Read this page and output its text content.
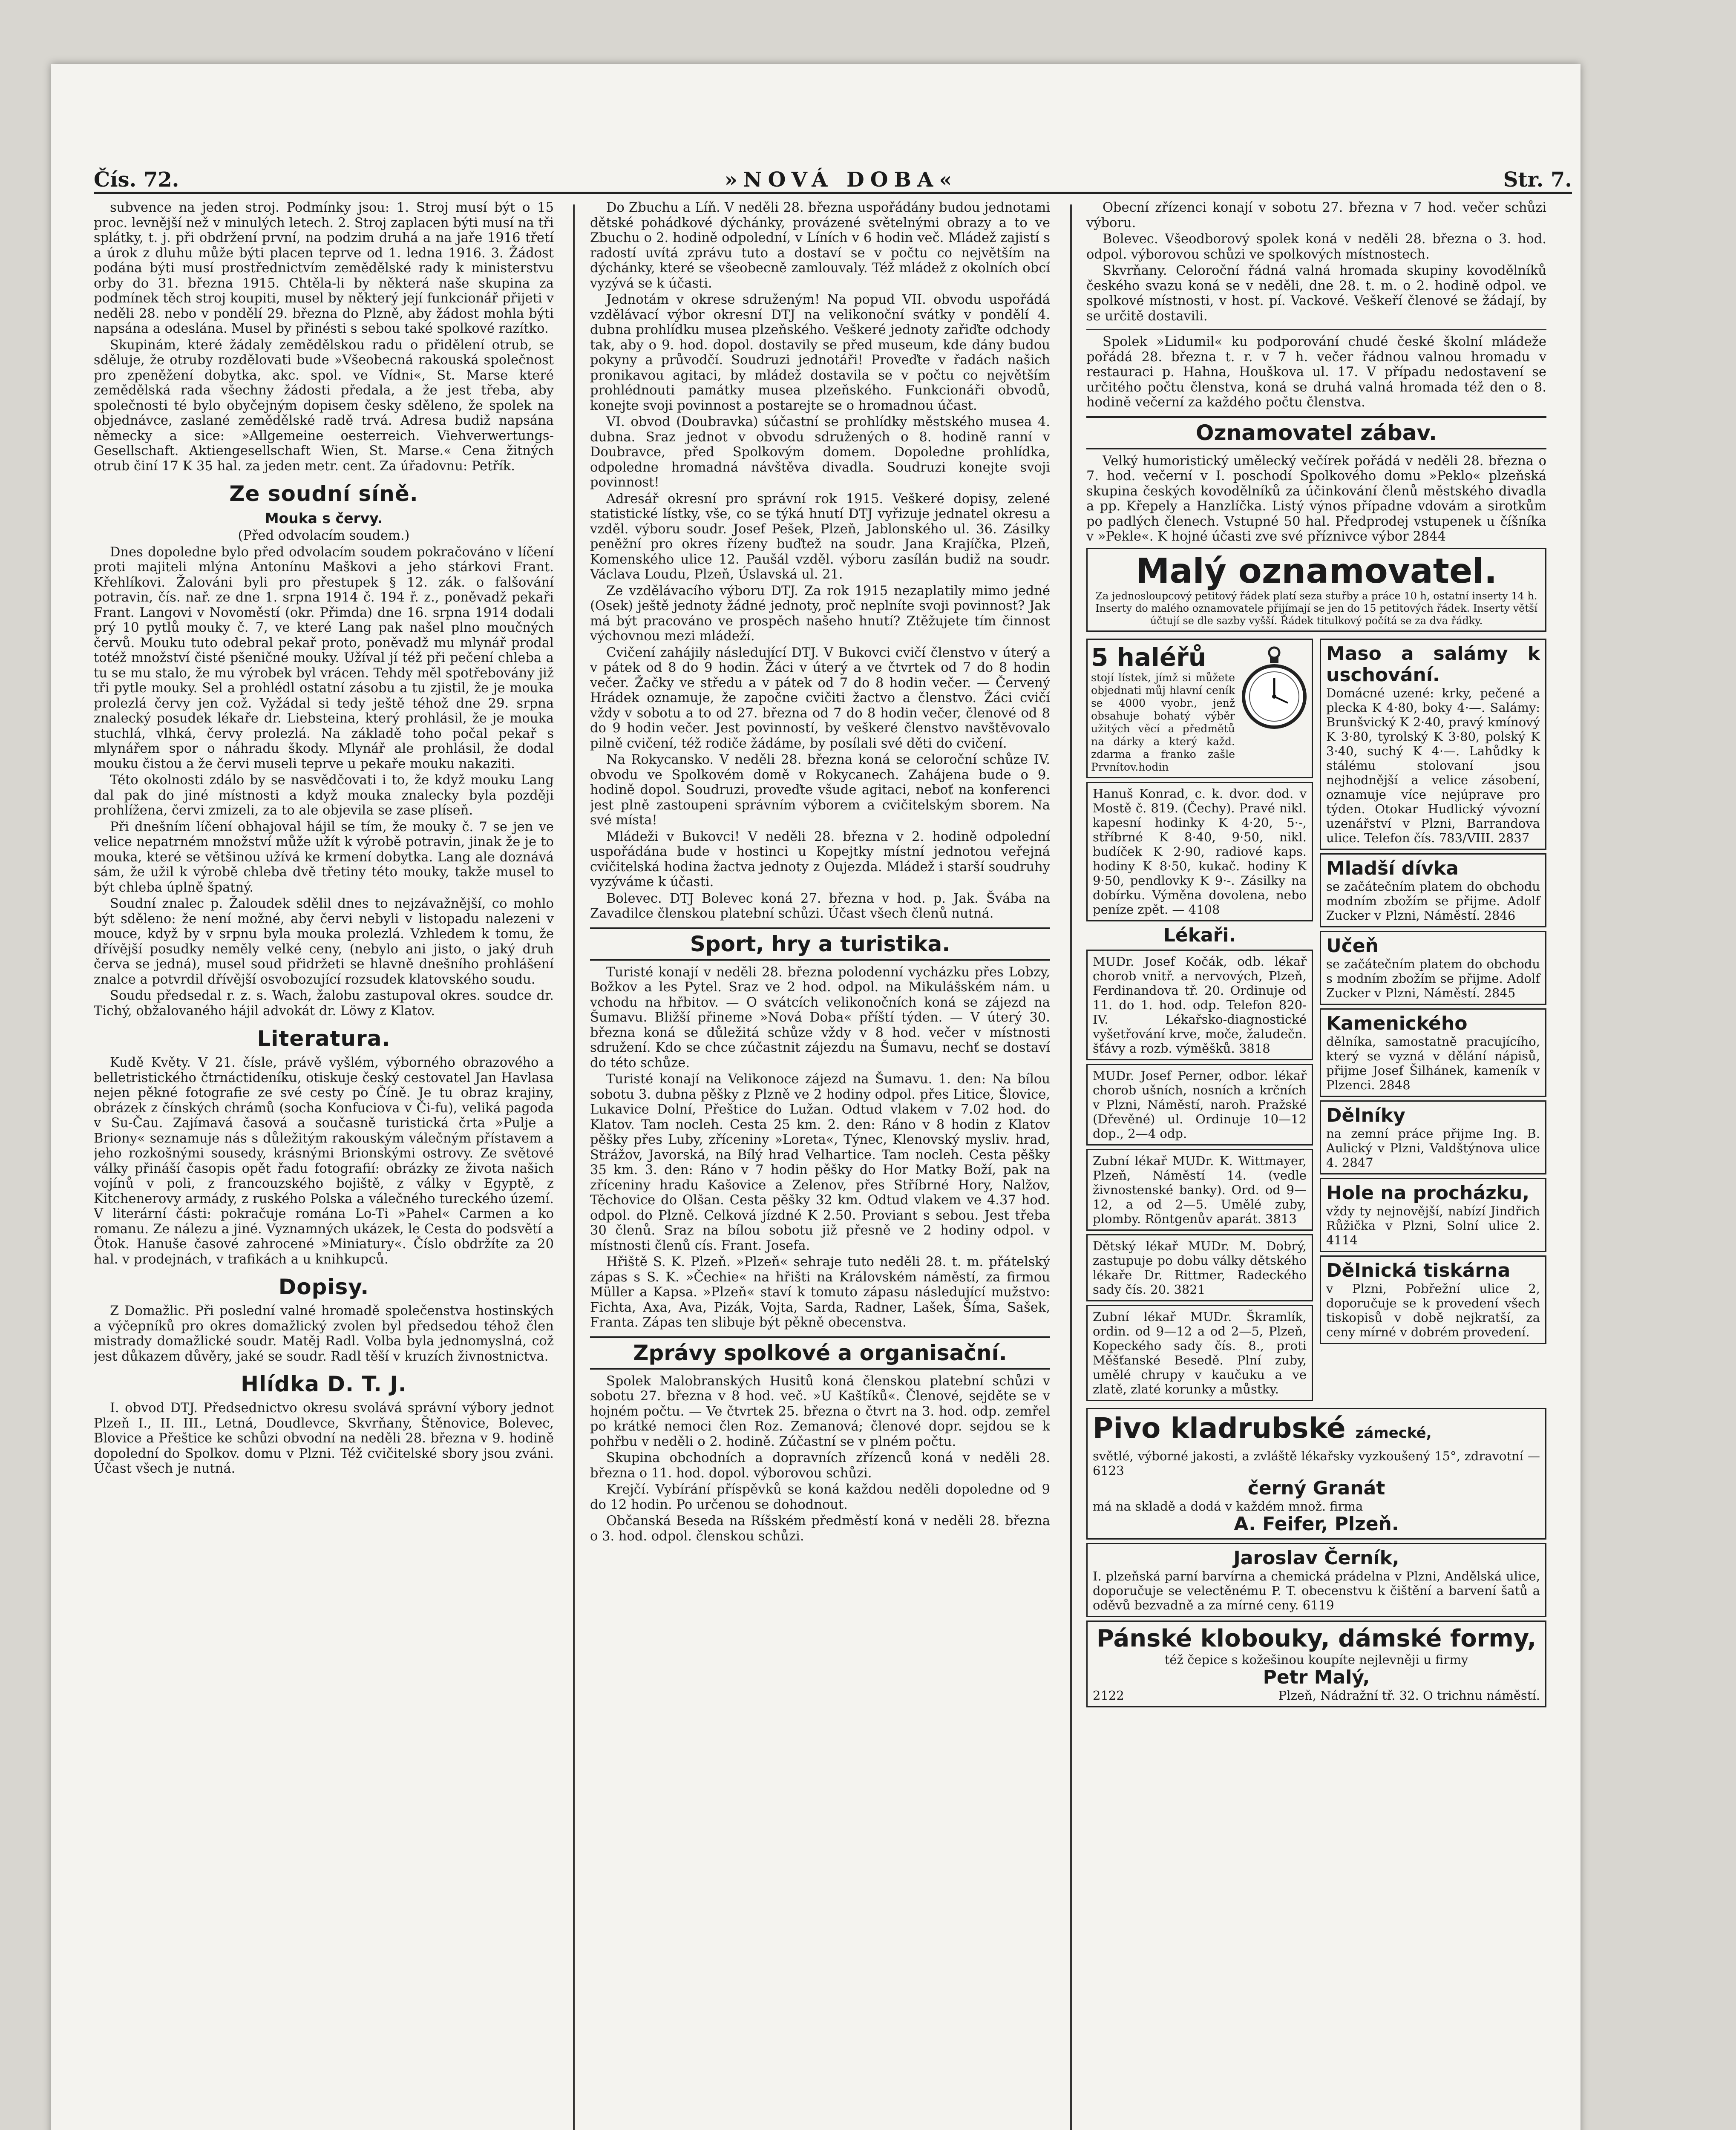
Čís. 72.	»NOVÁ DOBA«	Str. 7.

subvence na jeden stroj. Podmínky jsou: 1. Stroj musí být o 15 proc. levnější než v minulých letech. 2. Stroj zaplacen býti musí na tři splátky, t. j. při obdržení první, na podzim druhá a na jaře 1916 třetí a úrok z dluhu může býti placen teprve od 1. ledna 1916. 3. Žádost podána býti musí prostřednictvím zemědělské rady k ministerstvu orby do 31. března 1915. Chtěla-li by některá naše skupina za podmínek těch stroj koupiti, musel by některý její funkcionář přijeti v neděli 28. nebo v pondělí 29. března do Plzně, aby žádost mohla býti napsána a odeslána. Musel by přinésti s sebou také spolkové razítko.

Skupinám, které žádaly zemědělskou radu o přidělení otrub, se sděluje, že otruby rozdělovati bude »Všeobecná rakouská společnost pro zpeněžení dobytka, akc. spol. ve Vídni«, St. Marse které zemědělská rada všechny žádosti předala, a že jest třeba, aby společnosti té bylo obyčejným dopisem česky sděleno, že spolek na objednávce, zaslané zemědělské radě trvá. Adresa budiž napsána německy a sice: »Allgemeine oesterreich. Viehverwertungs-Gesellschaft. Aktiengesellschaft Wien, St. Marse.« Cena žitných otrub činí 17 K 35 hal. za jeden metr. cent. Za úřadovnu: Petřík.

Ze soudní síně.
Mouka s červy.

(Před odvolacím soudem.)

Dnes dopoledne bylo před odvolacím soudem pokračováno v líčení proti majiteli mlýna Antonínu Maškovi a jeho stárkovi Frant. Křehlíkovi. Žalováni byli pro přestupek § 12. zák. o falšování potravin, čís. nař. ze dne 1. srpna 1914 č. 194 ř. z., poněvadž pekaři Frant. Langovi v Novoměstí (okr. Přimda) dne 16. srpna 1914 dodali prý 10 pytlů mouky č. 7, ve které Lang pak našel plno moučných červů. Mouku tuto odebral pekař proto, poněvadž mu mlynář prodal totéž množství čisté pšeničné mouky. Užíval jí též při pečení chleba a tu se mu stalo, že mu výrobek byl vrácen. Tehdy měl spotřebovány již tři pytle mouky. Sel a prohlédl ostatní zásobu a tu zjistil, že je mouka prolezlá červy jen což. Vyžádal si tedy ještě téhož dne 29. srpna znalecký posudek lékaře dr. Liebsteina, který prohlásil, že je mouka stuchlá, vlhká, červy prolezlá. Na základě toho počal pekař s mlynářem spor o náhradu škody. Mlynář ale prohlásil, že dodal mouku čistou a že červi museli teprve u pekaře mouku nakaziti.

Této okolnosti zdálo by se nasvědčovati i to, že když mouku Lang dal pak do jiné místnosti a když mouka znalecky byla později prohlížena, červi zmizeli, za to ale objevila se zase plíseň.

Při dnešním líčení obhajoval hájil se tím, že mouky č. 7 se jen ve velice nepatrném množství může užít k výrobě potravin, jinak že je to mouka, které se většinou užívá ke krmení dobytka. Lang ale doznává sám, že užil k výrobě chleba dvě třetiny této mouky, takže musel to být chleba úplně špatný.

Soudní znalec p. Žaloudek sdělil dnes to nejzávažnější, co mohlo být sděleno: že není možné, aby červi nebyli v listopadu nalezeni v mouce, když by v srpnu byla mouka prolezlá. Vzhledem k tomu, že dřívější posudky neměly velké ceny, (nebylo ani jisto, o jaký druh červa se jedná), musel soud přidržeti se hlavně dnešního prohlášení znalce a potvrdil dřívější osvobozující rozsudek klatovského soudu.

Soudu předsedal r. z. s. Wach, žalobu zastupoval okres. soudce dr. Tichý, obžalovaného hájil advokát dr. Löwy z Klatov.

Literatura.

Kudě Květy. V 21. čísle, právě vyšlém, výborného obrazového a belletristického čtrnáctideníku, otiskuje český cestovatel Jan Havlasa nejen pěkné fotografie ze své cesty po Číně. Je tu obraz krajiny, obrázek z čínských chrámů (socha Konfuciova v Či-fu), veliká pagoda v Su-Čau. Zajímavá časová a současně turistická črta »Pulje a Briony« seznamuje nás s důležitým rakouským válečným přístavem a jeho rozkošnými sousedy, krásnými Brionskými ostrovy. Ze světové války přináší časopis opět řadu fotografií: obrázky ze života našich vojínů v poli, z francouzského bojiště, z války v Egyptě, z Kitchenerovy armády, z ruského Polska a válečného tureckého území. V literární části: pokračuje romána Lo-Ti »Pahel« Carmen a ko romanu. Ze nálezu a jiné. Vyznamných ukázek, le Cesta do podsvětí a Ötok. Hanuše časové zahrocené »Miniatury«. Číslo obdržíte za 20 hal. v prodejnách, v trafikách a u knihkupců.

Dopisy.

Z Domažlic. Při poslední valné hromadě společenstva hostinských a výčepníků pro okres domažlický zvolen byl předsedou téhož člen mistrady domažlické soudr. Matěj Radl. Volba byla jednomyslná, což jest důkazem důvěry, jaké se soudr. Radl těší v kruzích živnostnictva.

Hlídka D. T. J.

I. obvod DTJ. Předsednictvo okresu svolává správní výbory jednot Plzeň I., II. III., Letná, Doudlevce, Skvrňany, Štěnovice, Bolevec, Blovice a Přeštice ke schůzi obvodní na neděli 28. března v 9. hodině dopolední do Spolkov. domu v Plzni. Též cvičitelské sbory jsou zváni. Účast všech je nutná.

Do Zbuchu a Líň. V neděli 28. března uspořádány budou jednotami dětské pohádkové dýchánky, provázené světelnými obrazy a to ve Zbuchu o 2. hodině odpolední, v Líních v 6 hodin več. Mládež zajistí s radostí uvítá zprávu tuto a dostaví se v počtu co největším na dýchánky, které se všeobecně zamlouvaly. Též mládež z okolních obcí vyzývá se k účasti.

Jednotám v okrese sdruženým! Na popud VII. obvodu uspořádá vzdělávací výbor okresní DTJ na velikonoční svátky v pondělí 4. dubna prohlídku musea plzeňského. Veškeré jednoty zařiďte odchody tak, aby o 9. hod. dopol. dostavily se před museum, kde dány budou pokyny a průvodčí. Soudruzi jednotáři! Proveďte v řadách našich pronikavou agitaci, by mládež dostavila se v počtu co největším prohlédnouti památky musea plzeňského. Funkcionáři obvodů, konejte svoji povinnost a postarejte se o hromadnou účast.

VI. obvod (Doubravka) súčastní se prohlídky městského musea 4. dubna. Sraz jednot v obvodu sdružených o 8. hodině ranní v Doubravce, před Spolkovým domem. Dopoledne prohlídka, odpoledne hromadná návštěva divadla. Soudruzi konejte svoji povinnost!

Adresář okresní pro správní rok 1915. Veškeré dopisy, zelené statistické lístky, vše, co se týká hnutí DTJ vyřizuje jednatel okresu a vzděl. výboru soudr. Josef Pešek, Plzeň, Jablonského ul. 36. Zásilky peněžní pro okres řízeny buďtež na soudr. Jana Krajíčka, Plzeň, Komenského ulice 12. Paušál vzděl. výboru zasílán budiž na soudr. Václava Loudu, Plzeň, Úslavská ul. 21.

Ze vzdělávacího výboru DTJ. Za rok 1915 nezaplatily mimo jedné (Osek) ještě jednoty žádné jednoty, proč neplníte svoji povinnost? Jak má být pracováno ve prospěch našeho hnutí? Ztěžujete tím činnost výchovnou mezi mládeží.

Cvičení zahájily následující DTJ. V Bukovci cvičí členstvo v úterý a v pátek od 8 do 9 hodin. Žáci v úterý a ve čtvrtek od 7 do 8 hodin večer. Žačky ve středu a v pátek od 7 do 8 hodin večer. — Červený Hrádek oznamuje, že započne cvičiti žactvo a členstvo. Žáci cvičí vždy v sobotu a to od 27. března od 7 do 8 hodin večer, členové od 8 do 9 hodin večer. Jest povinností, by veškeré členstvo navštěvovalo pilně cvičení, též rodiče žádáme, by posílali své děti do cvičení.

Na Rokycansko. V neděli 28. března koná se celoroční schůze IV. obvodu ve Spolkovém domě v Rokycanech. Zahájena bude o 9. hodině dopol. Soudruzi, proveďte všude agitaci, neboť na konferenci jest plně zastoupeni správním výborem a cvičitelským sborem. Na své místa!

Mládeži v Bukovci! V neděli 28. března v 2. hodině odpolední uspořádána bude v hostinci u Kopejtky místní jednotou veřejná cvičitelská hodina žactva jednoty z Oujezda. Mládež i starší soudruhy vyzýváme k účasti.

Bolevec. DTJ Bolevec koná 27. března v hod. p. Jak. Švába na Zavadilce členskou platební schůzi. Účast všech členů nutná.

Sport, hry a turistika.

Turisté konají v neděli 28. března polodenní vycházku přes Lobzy, Božkov a les Pytel. Sraz ve 2 hod. odpol. na Mikulášském nám. u vchodu na hřbitov. — O svátcích velikonočních koná se zájezd na Šumavu. Bližší přineme »Nová Doba« příští týden. — V úterý 30. března koná se důležitá schůze vždy v 8 hod. večer v místnosti sdružení. Kdo se chce zúčastnit zájezdu na Šumavu, nechť se dostaví do této schůze.

Turisté konají na Velikonoce zájezd na Šumavu. 1. den: Na bílou sobotu 3. dubna pěšky z Plzně ve 2 hodiny odpol. přes Litice, Šlovice, Lukavice Dolní, Přeštice do Lužan. Odtud vlakem v 7.02 hod. do Klatov. Tam nocleh. Cesta 25 km. 2. den: Ráno v 8 hodin z Klatov pěšky přes Luby, zříceniny »Loreta«, Týnec, Klenovský mysliv. hrad, Strážov, Javorská, na Bílý hrad Velhartice. Tam nocleh. Cesta pěšky 35 km. 3. den: Ráno v 7 hodin pěšky do Hor Matky Boží, pak na zříceniny hradu Kašovice a Zelenov, přes Stříbrné Hory, Nalžov, Těchovice do Olšan. Cesta pěšky 32 km. Odtud vlakem ve 4.37 hod. odpol. do Plzně. Celková jízdné K 2.50. Proviant s sebou. Jest třeba 30 členů. Sraz na bílou sobotu již přesně ve 2 hodiny odpol. v místnosti členů cís. Frant. Josefa.

Hřiště S. K. Plzeň. »Plzeň« sehraje tuto neděli 28. t. m. přátelský zápas s S. K. »Čechie« na hřišti na Královském náměstí, za firmou Müller a Kapsa. »Plzeň« staví k tomuto zápasu následující mužstvo: Fichta, Axa, Ava, Pizák, Vojta, Sarda, Radner, Lašek, Šíma, Sašek, Franta. Zápas ten slibuje být pěkně obecenstva.

Zprávy spolkové a organisační.

Spolek Malobranských Husitů koná členskou platební schůzi v sobotu 27. března v 8 hod. več. »U Kaštíků«. Členové, sejděte se v hojném počtu. — Ve čtvrtek 25. března o čtvrt na 3. hod. odp. zemřel po krátké nemoci člen Roz. Zemanová; členové dopr. sejdou se k pohřbu v neděli o 2. hodině. Zúčastní se v plném počtu.

Skupina obchodních a dopravních zřízenců koná v neděli 28. března o 11. hod. dopol. výborovou schůzi.

Krejčí. Vybírání příspěvků se koná každou neděli dopoledne od 9 do 12 hodin. Po určenou se dohodnout.

Občanská Beseda na Ríšském předměstí koná v neděli 28. března o 3. hod. odpol. členskou schůzi.

Obecní zřízenci konají v sobotu 27. března v 7 hod. večer schůzi výboru.

Bolevec. Všeodborový spolek koná v neděli 28. března o 3. hod. odpol. výborovou schůzi ve spolkových místnostech.

Skvrňany. Celoroční řádná valná hromada skupiny kovodělníků českého svazu koná se v neděli, dne 28. t. m. o 2. hodině odpol. ve spolkové místnosti, v host. pí. Vackové. Veškeří členové se žádají, by se určitě dostavili.

Spolek »Lidumil« ku podporování chudé české školní mládeže pořádá 28. března t. r. v 7 h. večer řádnou valnou hromadu v restauraci p. Hahna, Houškova ul. 17. V případu nedostavení se určitého počtu členstva, koná se druhá valná hromada též den o 8. hodině večerní za každého počtu členstva.

Oznamovatel zábav.

Velký humoristický umělecký večírek pořádá v neděli 28. března o 7. hod. večerní v I. poschodí Spolkového domu »Peklo« plzeňská skupina českých kovodělníků za účinkování členů městského divadla a pp. Křepely a Hanzlíčka. Listý výnos případne vdovám a sirotkům po padlých členech. Vstupné 50 hal. Předprodej vstupenek u číšníka v »Pekle«. K hojné účasti zve své příznivce výbor 2844

Malý oznamovatel.
Za jednosloupcový petitový řádek platí seza stuřby a práce 10 h, ostatní inserty 14 h. Inserty do malého oznamovatele přijímají se jen do 15 petitových řádek. Inserty větší účtují se dle sazby vyšší. Řádek titulkový počítá se za dva řádky.
5 haléřů
stojí lístek, jímž si můžete objednati můj hlavní ceník se 4000 vyobr., jenž obsahuje bohatý výběr užitých věcí a předmětů na dárky a který každ. zdarma a franko zašle Prvnítov.hodin
Hanuš Konrad, c. k. dvor. dod. v Mostě č. 819. (Čechy). Pravé nikl. kapesní hodinky K 4·20, 5·-, stříbrné K 8·40, 9·50, nikl. budíček K 2·90, radiové kaps. hodiny K 8·50, kukač. hodiny K 9·50, pendlovky K 9·-. Zásilky na dobírku. Výměna dovolena, nebo peníze zpět. — 4108
Lékaři.
MUDr. Josef Kočák, odb. lékař chorob vnitř. a nervových, Plzeň, Ferdinandova tř. 20. Ordinuje od 11. do 1. hod. odp. Telefon 820-IV. Lékařsko-diagnostické vyšetřování krve, moče, žaludečn. šťávy a rozb. výměšků. 3818
MUDr. Josef Perner, odbor. lékař chorob ušních, nosních a krčních v Plzni, Náměstí, naroh. Pražské (Dřevěné) ul. Ordinuje 10—12 dop., 2—4 odp.
Zubní lékař MUDr. K. Wittmayer, Plzeň, Náměstí 14. (vedle živnostenské banky). Ord. od 9—12, a od 2—5. Umělé zuby, plomby. Röntgenův aparát. 3813
Dětský lékař MUDr. M. Dobrý, zastupuje po dobu války dětského lékaře Dr. Rittmer, Radeckého sady čís. 20. 3821
Zubní lékař MUDr. Škramlík, ordin. od 9—12 a od 2—5, Plzeň, Kopeckého sady čís. 8., proti Měšťanské Besedě. Plní zuby, umělé chrupy v kaučuku a ve zlatě, zlaté korunky a můstky.
Maso a salámy k uschování.
Domácné uzené: krky, pečené a plecka K 4·80, boky 4·—. Salámy: Brunšvický K 2·40, pravý kmínový K 3·80, tyrolský K 3·80, polský K 3·40, suchý K 4·—. Lahůdky k stálému stolovaní jsou nejhodnější a velice zásobení, oznamuje více nejúprave pro týden. Otokar Hudlický vývozní uzenářství v Plzni, Barrandova ulice. Telefon čís. 783/VIII. 2837
Mladší dívka
se začátečním platem do obchodu modním zbožím se přijme. Adolf Zucker v Plzni, Náměstí. 2846
Učeň
se začátečním platem do obchodu s modním zbožím se přijme. Adolf Zucker v Plzni, Náměstí. 2845
Kamenického
dělníka, samostatně pracujícího, který se vyzná v dělání nápisů, přijme Josef Šilhánek, kameník v Plzenci. 2848
Dělníky
na zemní práce přijme Ing. B. Aulický v Plzni, Valdštýnova ulice 4. 2847
Hole na procházku,
vždy ty nejnovější, nabízí Jindřich Růžička v Plzni, Solní ulice 2. 4114
Dělnická tiskárna
v Plzni, Pobřežní ulice 2, doporučuje se k provedení všech tiskopisů v době nejkratší, za ceny mírné v dobrém provedení.
Pivo kladrubské zámecké,
světlé, výborné jakosti, a zvláště lékařsky vyzkoušený 15°, zdravotní — 6123
černý Granát
má na skladě a dodá v každém množ. firma
A. Feifer, Plzeň.
Jaroslav Černík,
I. plzeňská parní barvírna a chemická prádelna v Plzni, Andělská ulice, doporučuje se velectěnému P. T. obecenstvu k čištění a barvení šatů a oděvů bezvadně a za mírné ceny. 6119
Pánské klobouky, dámské formy,
též čepice s kožešinou koupíte nejlevněji u firmy
Petr Malý,
2122	Plzeň, Nádražní tř. 32. O trichnu náměstí.
